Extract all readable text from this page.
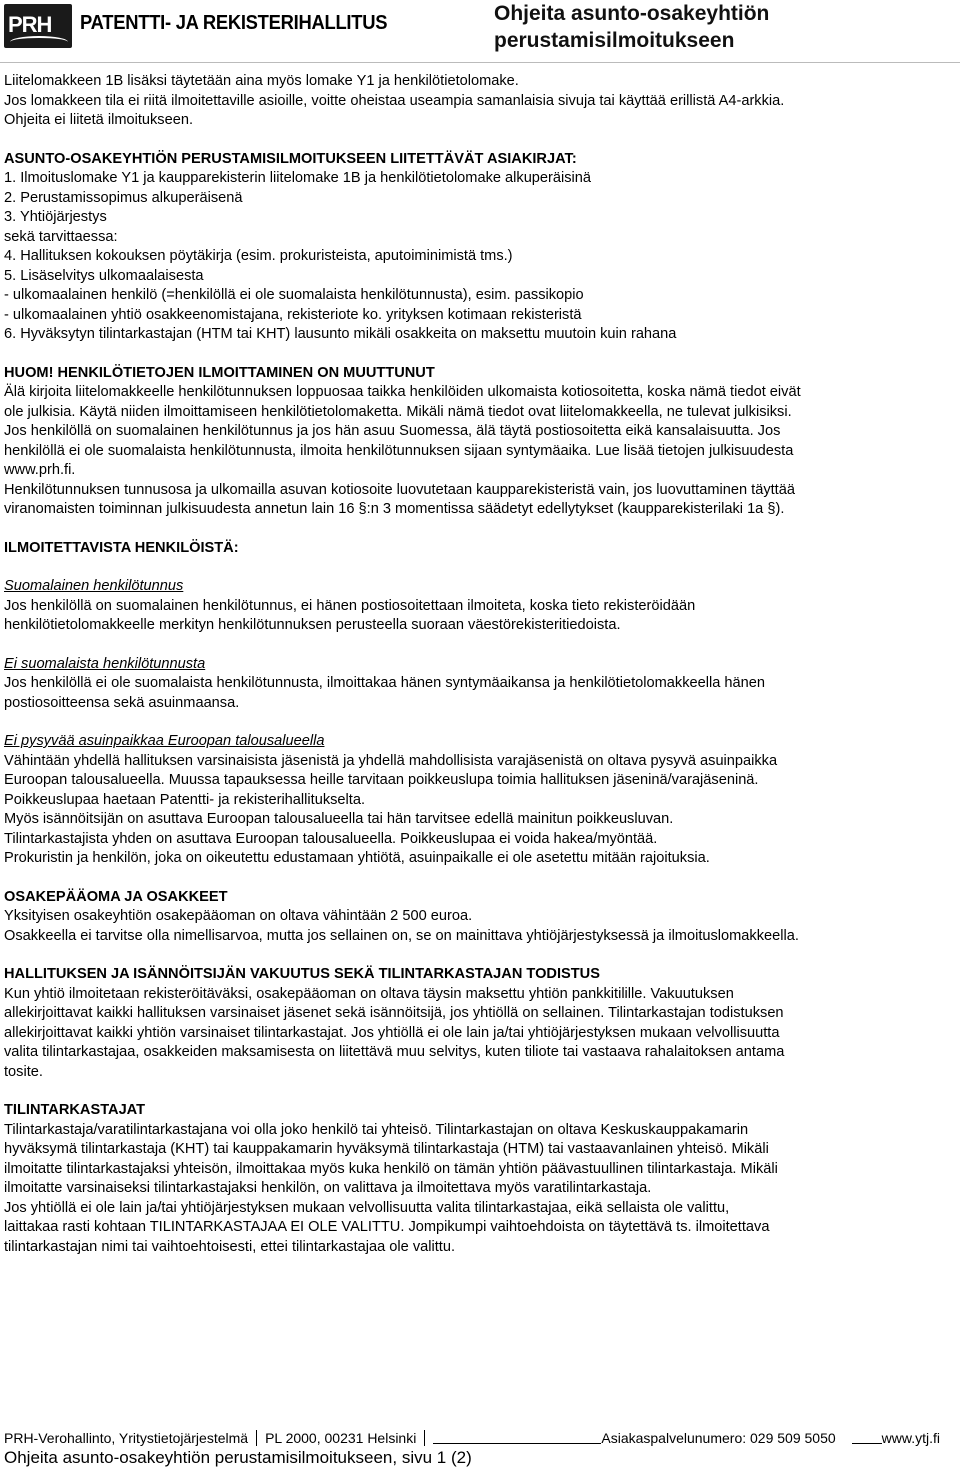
PRH PATENTTI- JA REKISTERIHALLITUS	Ohjeita asunto-osakeyhtiön
perustamisilmoitukseen

Liitelomakkeen 1B lisäksi täytetään aina myös lomake Y1 ja henkilötietolomake.

Jos lomakkeen tila ei riitä ilmoitettaville asioille, voitte oheistaa useampia samanlaisia sivuja tai käyttää erillistä A4-arkkia.

Ohjeita ei liitetä ilmoitukseen.

ASUNTO-OSAKEYHTIÖN PERUSTAMISILMOITUKSEEN LIITETTÄVÄT ASIAKIRJAT:

1. Ilmoituslomake Y1 ja kaupparekisterin liitelomake 1B ja henkilötietolomake alkuperäisinä

2. Perustamissopimus alkuperäisenä

3. Yhtiöjärjestys

sekä tarvittaessa:

4. Hallituksen kokouksen pöytäkirja (esim. prokuristeista, aputoiminimistä tms.)

5. Lisäselvitys ulkomaalaisesta

- ulkomaalainen henkilö (=henkilöllä ei ole suomalaista henkilötunnusta), esim. passikopio

- ulkomaalainen yhtiö osakkeenomistajana, rekisteriote ko. yrityksen kotimaan rekisteristä

6. Hyväksytyn tilintarkastajan (HTM tai KHT) lausunto mikäli osakkeita on maksettu muutoin kuin rahana

HUOM! HENKILÖTIETOJEN ILMOITTAMINEN ON MUUTTUNUT

Älä kirjoita liitelomakkeelle henkilötunnuksen loppuosaa taikka henkilöiden ulkomaista kotiosoitetta, koska nämä tiedot eivät

ole julkisia. Käytä niiden ilmoittamiseen henkilötietolomaketta. Mikäli nämä tiedot ovat liitelomakkeella, ne tulevat julkisiksi.

Jos henkilöllä on suomalainen henkilötunnus ja jos hän asuu Suomessa, älä täytä postiosoitetta eikä kansalaisuutta. Jos

henkilöllä ei ole suomalaista henkilötunnusta, ilmoita henkilötunnuksen sijaan syntymäaika. Lue lisää tietojen julkisuudesta

www.prh.fi.

Henkilötunnuksen tunnusosa ja ulkomailla asuvan kotiosoite luovutetaan kaupparekisteristä vain, jos luovuttaminen täyttää

viranomaisten toiminnan julkisuudesta annetun lain 16 §:n 3 momentissa säädetyt edellytykset (kaupparekisterilaki 1a §).

ILMOITETTAVISTA HENKILÖISTÄ:

Suomalainen henkilötunnus

Jos henkilöllä on suomalainen henkilötunnus, ei hänen postiosoitettaan ilmoiteta, koska tieto rekisteröidään

henkilötietolomakkeelle merkityn henkilötunnuksen perusteella suoraan väestörekisteritiedoista.

Ei suomalaista henkilötunnusta

Jos henkilöllä ei ole suomalaista henkilötunnusta, ilmoittakaa hänen syntymäaikansa ja henkilötietolomakkeella hänen

postiosoitteensa sekä asuinmaansa.

Ei pysyvää asuinpaikkaa Euroopan talousalueella

Vähintään yhdellä hallituksen varsinaisista jäsenistä ja yhdellä mahdollisista varajäsenistä on oltava pysyvä asuinpaikka

Euroopan talousalueella. Muussa tapauksessa heille tarvitaan poikkeuslupa toimia hallituksen jäseninä/varajäseninä.

Poikkeuslupaa haetaan Patentti- ja rekisterihallitukselta.

Myös isännöitsijän on asuttava Euroopan talousalueella tai hän tarvitsee edellä mainitun poikkeusluvan.

Tilintarkastajista yhden on asuttava Euroopan talousalueella. Poikkeuslupaa ei voida hakea/myöntää.

Prokuristin ja henkilön, joka on oikeutettu edustamaan yhtiötä, asuinpaikalle ei ole asetettu mitään rajoituksia.

OSAKEPÄÄOMA JA OSAKKEET

Yksityisen osakeyhtiön osakepääoman on oltava vähintään 2 500 euroa.

Osakkeella ei tarvitse olla nimellisarvoa, mutta jos sellainen on, se on mainittava yhtiöjärjestyksessä ja ilmoituslomakkeella.

HALLITUKSEN JA ISÄNNÖITSIJÄN VAKUUTUS SEKÄ TILINTARKASTAJAN TODISTUS

Kun yhtiö ilmoitetaan rekisteröitäväksi, osakepääoman on oltava täysin maksettu yhtiön pankkitilille. Vakuutuksen

allekirjoittavat kaikki hallituksen varsinaiset jäsenet sekä isännöitsijä, jos yhtiöllä on sellainen. Tilintarkastajan todistuksen

allekirjoittavat kaikki yhtiön varsinaiset tilintarkastajat. Jos yhtiöllä ei ole lain ja/tai yhtiöjärjestyksen mukaan velvollisuutta

valita tilintarkastajaa, osakkeiden maksamisesta on liitettävä muu selvitys, kuten tiliote tai vastaava rahalaitoksen antama

tosite.

TILINTARKASTAJAT

Tilintarkastaja/varatilintarkastajana voi olla joko henkilö tai yhteisö. Tilintarkastajan on oltava Keskuskauppakamarin

hyväksymä tilintarkastaja (KHT) tai kauppakamarin hyväksymä tilintarkastaja (HTM) tai vastaavanlainen yhteisö. Mikäli

ilmoitatte tilintarkastajaksi yhteisön, ilmoittakaa myös kuka henkilö on tämän yhtiön päävastuullinen tilintarkastaja. Mikäli

ilmoitatte varsinaiseksi tilintarkastajaksi henkilön, on valittava ja ilmoitettava myös varatilintarkastaja.

Jos yhtiöllä ei ole lain ja/tai yhtiöjärjestyksen mukaan velvollisuutta valita tilintarkastajaa, eikä sellaista ole valittu,

laittakaa rasti kohtaan TILINTARKASTAJAA EI OLE VALITTU. Jompikumpi vaihtoehdoista on täytettävä ts. ilmoitettava

tilintarkastajan nimi tai vaihtoehtoisesti, ettei tilintarkastajaa ole valittu.

PRH-Verohallinto, Yritystietojärjestelmä	PL 2000, 00231 Helsinki	Asiakaspalvelunumero: 029 509 5050	www.ytj.fi
Ohjeita asunto-osakeyhtiön perustamisilmoitukseen, sivu 1 (2)
